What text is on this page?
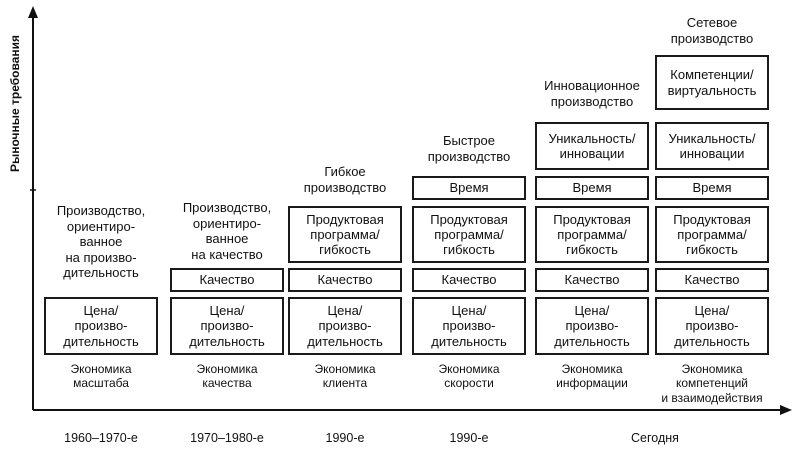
Рыночные требования
Производство,
ориентиро-
ванное
на произво-
дительность
Цена/
произво-
дительность
Экономика
масштаба
1960–1970-е
Производство,
ориентиро-
ванное
на качество
Качество
Цена/
произво-
дительность
Экономика
качества
1970–1980-е
Гибкое
производство
Продуктовая
программа/
гибкость
Качество
Цена/
произво-
дительность
Экономика
клиента
1990-е
Быстрое
производство
Время
Продуктовая
программа/
гибкость
Качество
Цена/
произво-
дительность
Экономика
скорости
1990-е
Инновационное
производство
Уникальность/
инновации
Время
Продуктовая
программа/
гибкость
Качество
Цена/
произво-
дительность
Экономика
информации
Сетевое
производство
Компетенции/
виртуальность
Уникальность/
инновации
Время
Продуктовая
программа/
гибкость
Качество
Цена/
произво-
дительность
Экономика
компетенций
и взаимодействия
Сегодня
